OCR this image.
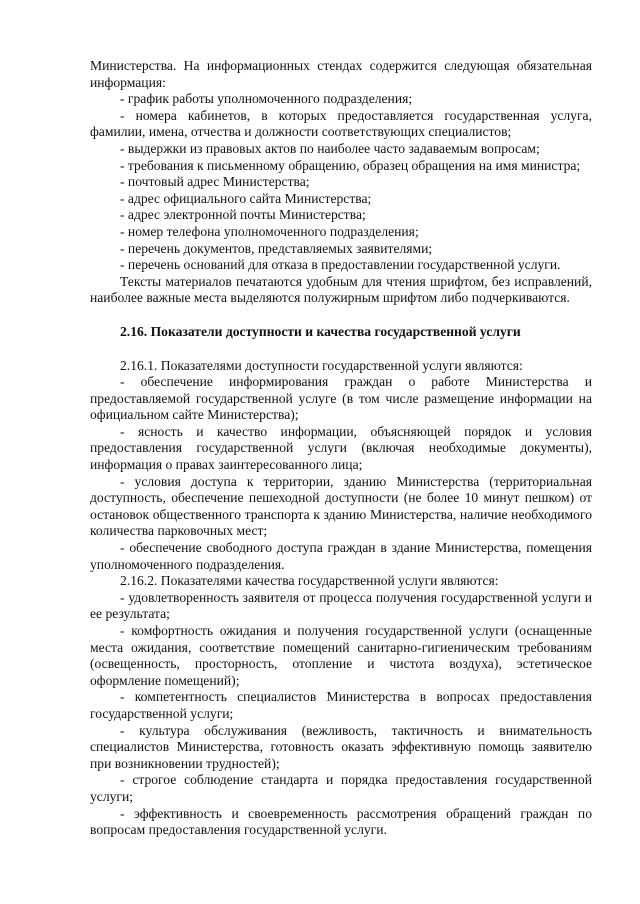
Министерства. На информационных стендах содержится следующая обязательная информация:

- график работы уполномоченного подразделения;

- номера кабинетов, в которых предоставляется государственная услуга, фамилии, имена, отчества и должности соответствующих специалистов;

- выдержки из правовых актов по наиболее часто задаваемым вопросам;

- требования к письменному обращению, образец обращения на имя министра;

- почтовый адрес Министерства;

- адрес официального сайта Министерства;

- адрес электронной почты Министерства;

- номер телефона уполномоченного подразделения;

- перечень документов, представляемых заявителями;

- перечень оснований для отказа в предоставлении государственной услуги.

Тексты материалов печатаются удобным для чтения шрифтом, без исправлений, наиболее важные места выделяются полужирным шрифтом либо подчеркиваются.

2.16. Показатели доступности и качества государственной услуги

2.16.1. Показателями доступности государственной услуги являются:

- обеспечение информирования граждан о работе Министерства и предоставляемой государственной услуге (в том числе размещение информации на официальном сайте Министерства);

- ясность и качество информации, объясняющей порядок и условия предоставления государственной услуги (включая необходимые документы), информация о правах заинтересованного лица;

- условия доступа к территории, зданию Министерства (территориальная доступность, обеспечение пешеходной доступности (не более 10 минут пешком) от остановок общественного транспорта к зданию Министерства, наличие необходимого количества парковочных мест;

- обеспечение свободного доступа граждан в здание Министерства, помещения уполномоченного подразделения.

2.16.2. Показателями качества государственной услуги являются:

- удовлетворенность заявителя от процесса получения государственной услуги и ее результата;

- комфортность ожидания и получения государственной услуги (оснащенные места ожидания, соответствие помещений санитарно-гигиеническим требованиям (освещенность, просторность, отопление и чистота воздуха), эстетическое оформление помещений);

- компетентность специалистов Министерства в вопросах предоставления государственной услуги;

- культура обслуживания (вежливость, тактичность и внимательность специалистов Министерства, готовность оказать эффективную помощь заявителю при возникновении трудностей);

- строгое соблюдение стандарта и порядка предоставления государственной услуги;

- эффективность и своевременность рассмотрения обращений граждан по вопросам предоставления государственной услуги.
